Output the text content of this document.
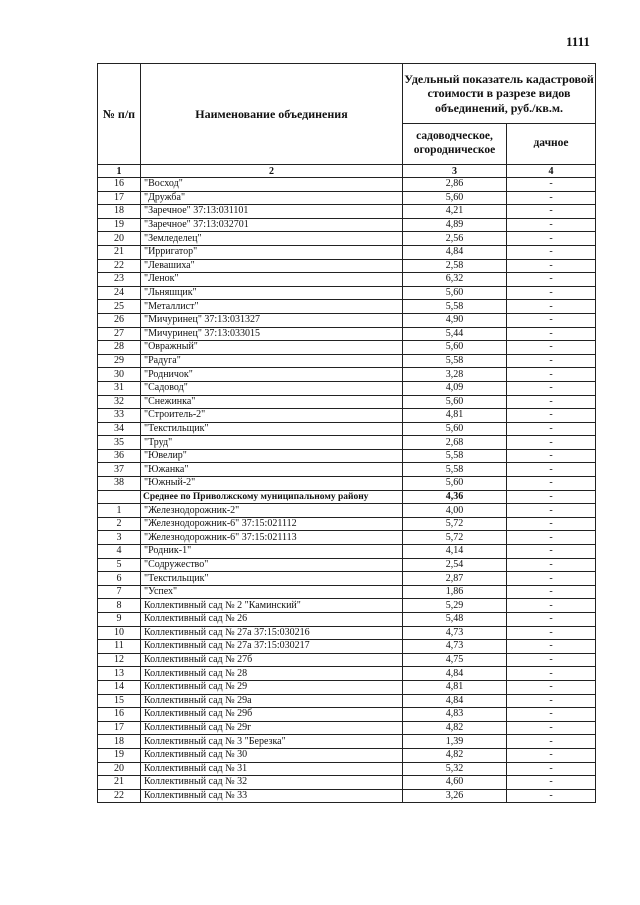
1111
№ п/п	Наименование объединения	Удельный показатель кадастровой стоимости в разрезе видов объединений, руб./кв.м.	
		садоводческое, огородническое	дачное
1	2	3	4
16	"Восход"	2,86	-
17	"Дружба"	5,60	-
18	"Заречное" 37:13:031101	4,21	-
19	"Заречное" 37:13:032701	4,89	-
20	"Земледелец"	2,56	-
21	"Ирригатор"	4,84	-
22	"Левашиха"	2,58	-
23	"Ленок"	6,32	-
24	"Льняшцик"	5,60	-
25	"Металлист"	5,58	-
26	"Мичуринец" 37:13:031327	4,90	-
27	"Мичуринец" 37:13:033015	5,44	-
28	"Овражный"	5,60	-
29	"Радуга"	5,58	-
30	"Родничок"	3,28	-
31	"Садовод"	4,09	-
32	"Снежинка"	5,60	-
33	"Строитель-2"	4,81	-
34	"Текстильщик"	5,60	-
35	"Труд"	2,68	-
36	"Ювелир"	5,58	-
37	"Южанка"	5,58	-
38	"Южный-2"	5,60	-
	Среднее по Приволжскому муниципальному району	4,36	-
1	"Железнодорожник-2"	4,00	-
2	"Железнодорожник-6" 37:15:021112	5,72	-
3	"Железнодорожник-6" 37:15:021113	5,72	-
4	"Родник-1"	4,14	-
5	"Содружество"	2,54	-
6	"Текстильщик"	2,87	-
7	"Успех"	1,86	-
8	Коллективный сад № 2 "Каминский"	5,29	-
9	Коллективный сад № 26	5,48	-
10	Коллективный сад № 27а 37:15:030216	4,73	-
11	Коллективный сад № 27а 37:15:030217	4,73	-
12	Коллективный сад № 27б	4,75	-
13	Коллективный сад № 28	4,84	-
14	Коллективный сад № 29	4,81	-
15	Коллективный сад № 29а	4,84	-
16	Коллективный сад № 29б	4,83	-
17	Коллективный сад № 29г	4,82	-
18	Коллективный сад № 3 "Березка"	1,39	-
19	Коллективный сад № 30	4,82	-
20	Коллективный сад № 31	5,32	-
21	Коллективный сад № 32	4,60	-
22	Коллективный сад № 33	3,26	-
